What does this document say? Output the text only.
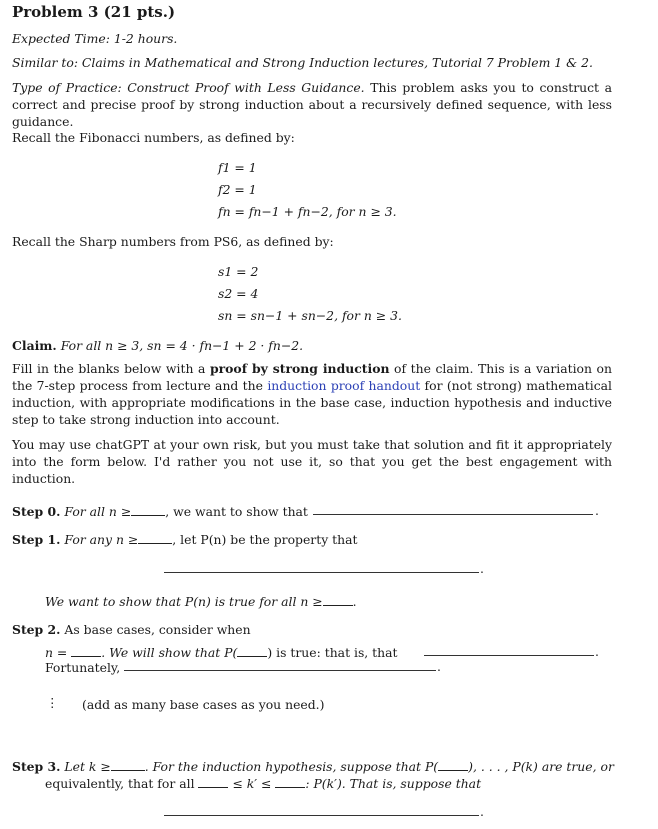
Problem 3 (21 pts.)
Expected Time: 1-2 hours.
Similar to: Claims in Mathematical and Strong Induction lectures, Tutorial 7 Problem 1 & 2.
Type of Practice: Construct Proof with Less Guidance. This problem asks you to construct a correct and precise proof by strong induction about a recursively defined sequence, with less guidance.
Recall the Fibonacci numbers, as defined by:
f1 = 1
f2 = 1
fn = fn−1 + fn−2, for n ≥ 3.
Recall the Sharp numbers from PS6, as defined by:
s1 = 2
s2 = 4
sn = sn−1 + sn−2, for n ≥ 3.
Claim. For all n ≥ 3, sn = 4 · fn−1 + 2 · fn−2.
Fill in the blanks below with a proof by strong induction of the claim. This is a variation on the 7-step process from lecture and the induction proof handout for (not strong) mathematical induction, with appropriate modifications in the base case, induction hypothesis and inductive step to take strong induction into account.
You may use chatGPT at your own risk, but you must take that solution and fit it appropriately into the form below. I'd rather you not use it, so that you get the best engagement with induction.
Step 0. For all n ≥	, we want to show that	.
Step 1. For any n ≥	, let P(n) be the property that
.
We want to show that P(n) is true for all n ≥ .
Step 2. As base cases, consider when
n =	. We will show that P( ) is true: that is, that	.
Fortunately,	.
⋮ (add as many base cases as you need.)
Step 3. Let k ≥	. For the induction hypothesis, suppose that P( ), . . . , P(k) are true, or
equivalently, that for all	≤ k′ ≤	: P(k′). That is, suppose that
.
